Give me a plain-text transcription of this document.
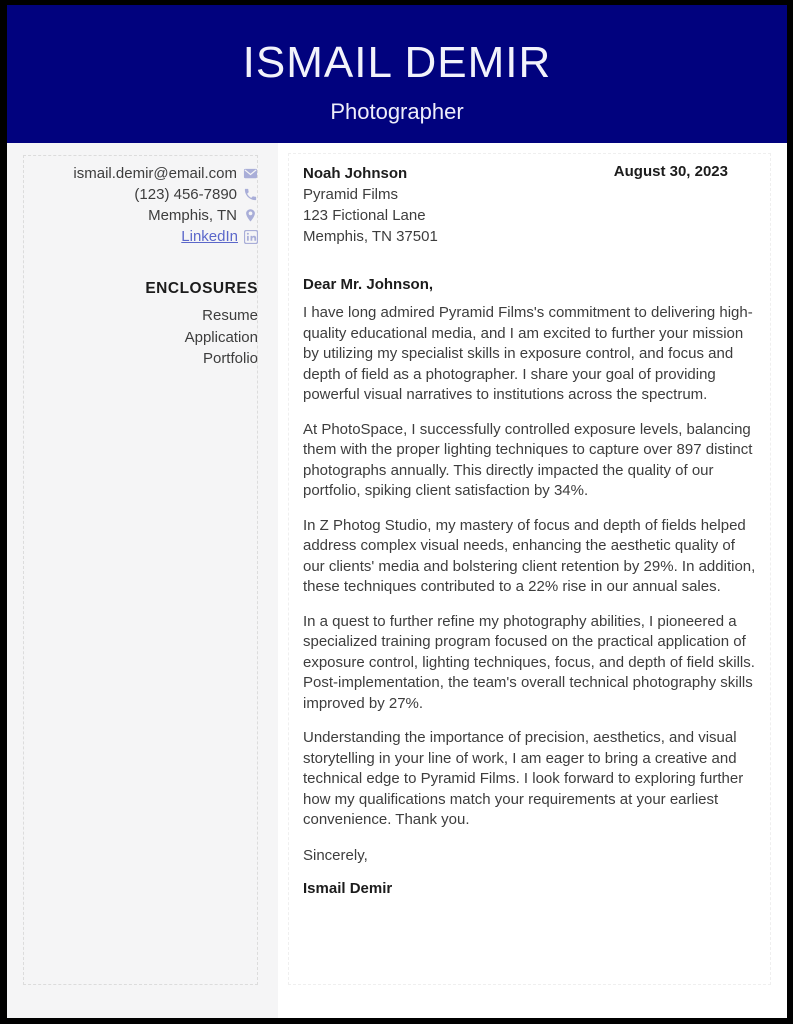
ISMAIL DEMIR
Photographer
ismail.demir@email.com
(123) 456-7890
Memphis, TN
LinkedIn
ENCLOSURES
Resume
Application
Portfolio
Noah Johnson
Pyramid Films
123 Fictional Lane
Memphis, TN 37501
August 30, 2023
Dear Mr. Johnson,

I have long admired Pyramid Films's commitment to delivering high-quality educational media, and I am excited to further your mission by utilizing my specialist skills in exposure control, and focus and depth of field as a photographer. I share your goal of providing powerful visual narratives to institutions across the spectrum.

At PhotoSpace, I successfully controlled exposure levels, balancing them with the proper lighting techniques to capture over 897 distinct photographs annually. This directly impacted the quality of our portfolio, spiking client satisfaction by 34%.

In Z Photog Studio, my mastery of focus and depth of fields helped address complex visual needs, enhancing the aesthetic quality of our clients' media and bolstering client retention by 29%. In addition, these techniques contributed to a 22% rise in our annual sales.

In a quest to further refine my photography abilities, I pioneered a specialized training program focused on the practical application of exposure control, lighting techniques, focus, and depth of field skills. Post-implementation, the team's overall technical photography skills improved by 27%.

Understanding the importance of precision, aesthetics, and visual storytelling in your line of work, I am eager to bring a creative and technical edge to Pyramid Films. I look forward to exploring further how my qualifications match your requirements at your earliest convenience. Thank you.

Sincerely,
Ismail Demir
